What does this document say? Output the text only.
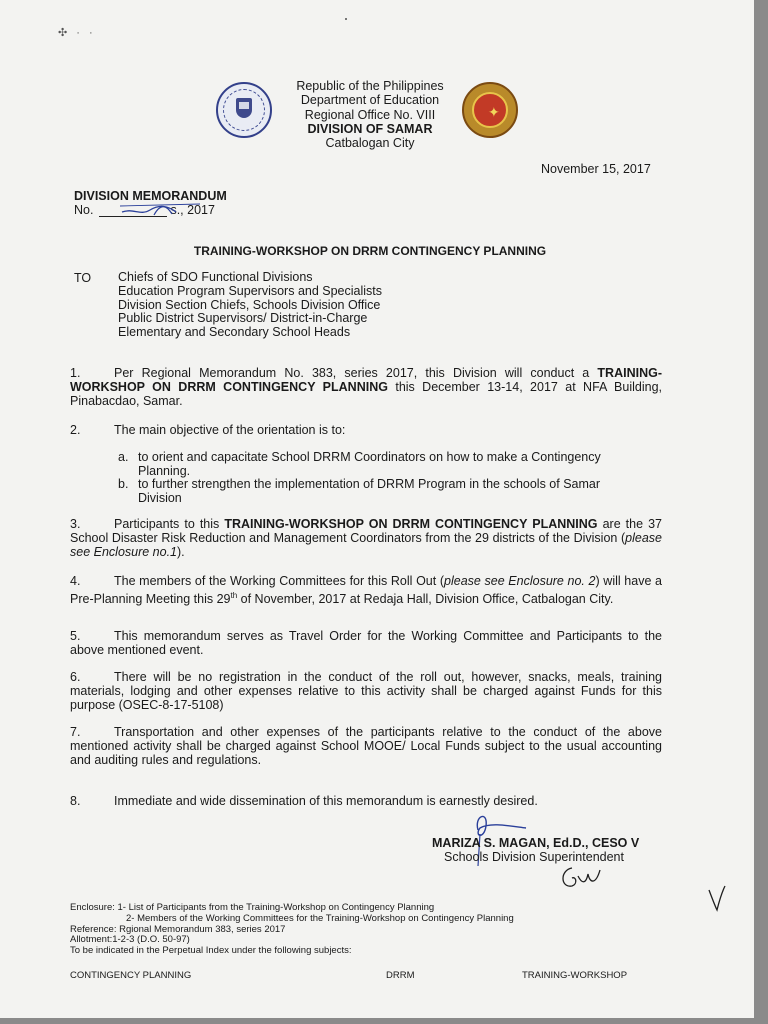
✣ · ·
✦
Republic of the Philippines
Department of Education
Regional Office No. VIII
DIVISION OF SAMAR
Catbalogan City
November 15, 2017
DIVISION MEMORANDUM
No.	s., 2017
TRAINING-WORKSHOP ON DRRM CONTINGENCY PLANNING
TO Chiefs of SDO Functional Divisions
Education Program Supervisors and Specialists
Division Section Chiefs, Schools Division Office
Public District Supervisors/ District-in-Charge
Elementary and Secondary School Heads
1.	Per Regional Memorandum No. 383, series 2017, this Division will conduct a TRAINING-WORKSHOP ON DRRM CONTINGENCY PLANNING this December 13-14, 2017 at NFA Building, Pinabacdao, Samar.
2.	The main objective of the orientation is to:
a. to orient and capacitate School DRRM Coordinators on how to make a Contingency
Planning.
b. to further strengthen the implementation of DRRM Program in the schools of Samar
Division
3.	Participants to this TRAINING-WORKSHOP ON DRRM CONTINGENCY PLANNING are the 37 School Disaster Risk Reduction and Management Coordinators from the 29 districts of the Division (please see Enclosure no.1).
4.	The members of the Working Committees for this Roll Out (please see Enclosure no. 2) will have a Pre-Planning Meeting this 29th of November, 2017 at Redaja Hall, Division Office, Catbalogan City.
5.	This memorandum serves as Travel Order for the Working Committee and Participants to the above mentioned event.
6.	There will be no registration in the conduct of the roll out, however, snacks, meals, training materials, lodging and other expenses relative to this activity shall be charged against Funds for this purpose (OSEC-8-17-5108)
7.	Transportation and other expenses of the participants relative to the conduct of the above mentioned activity shall be charged against School MOOE/ Local Funds subject to the usual accounting and auditing rules and regulations.
8.	Immediate and wide dissemination of this memorandum is earnestly desired.
MARIZA S. MAGAN, Ed.D., CESO V
Schools Division Superintendent
Enclosure: 1- List of Participants from the Training-Workshop on Contingency Planning
2- Members of the Working Committees for the Training-Workshop on Contingency Planning
Reference: Rgional Memorandum 383, series 2017
Allotment:1-2-3 (D.O. 50-97)
To be indicated in the Perpetual Index under the following subjects:
CONTINGENCY PLANNING	DRRM	TRAINING-WORKSHOP
